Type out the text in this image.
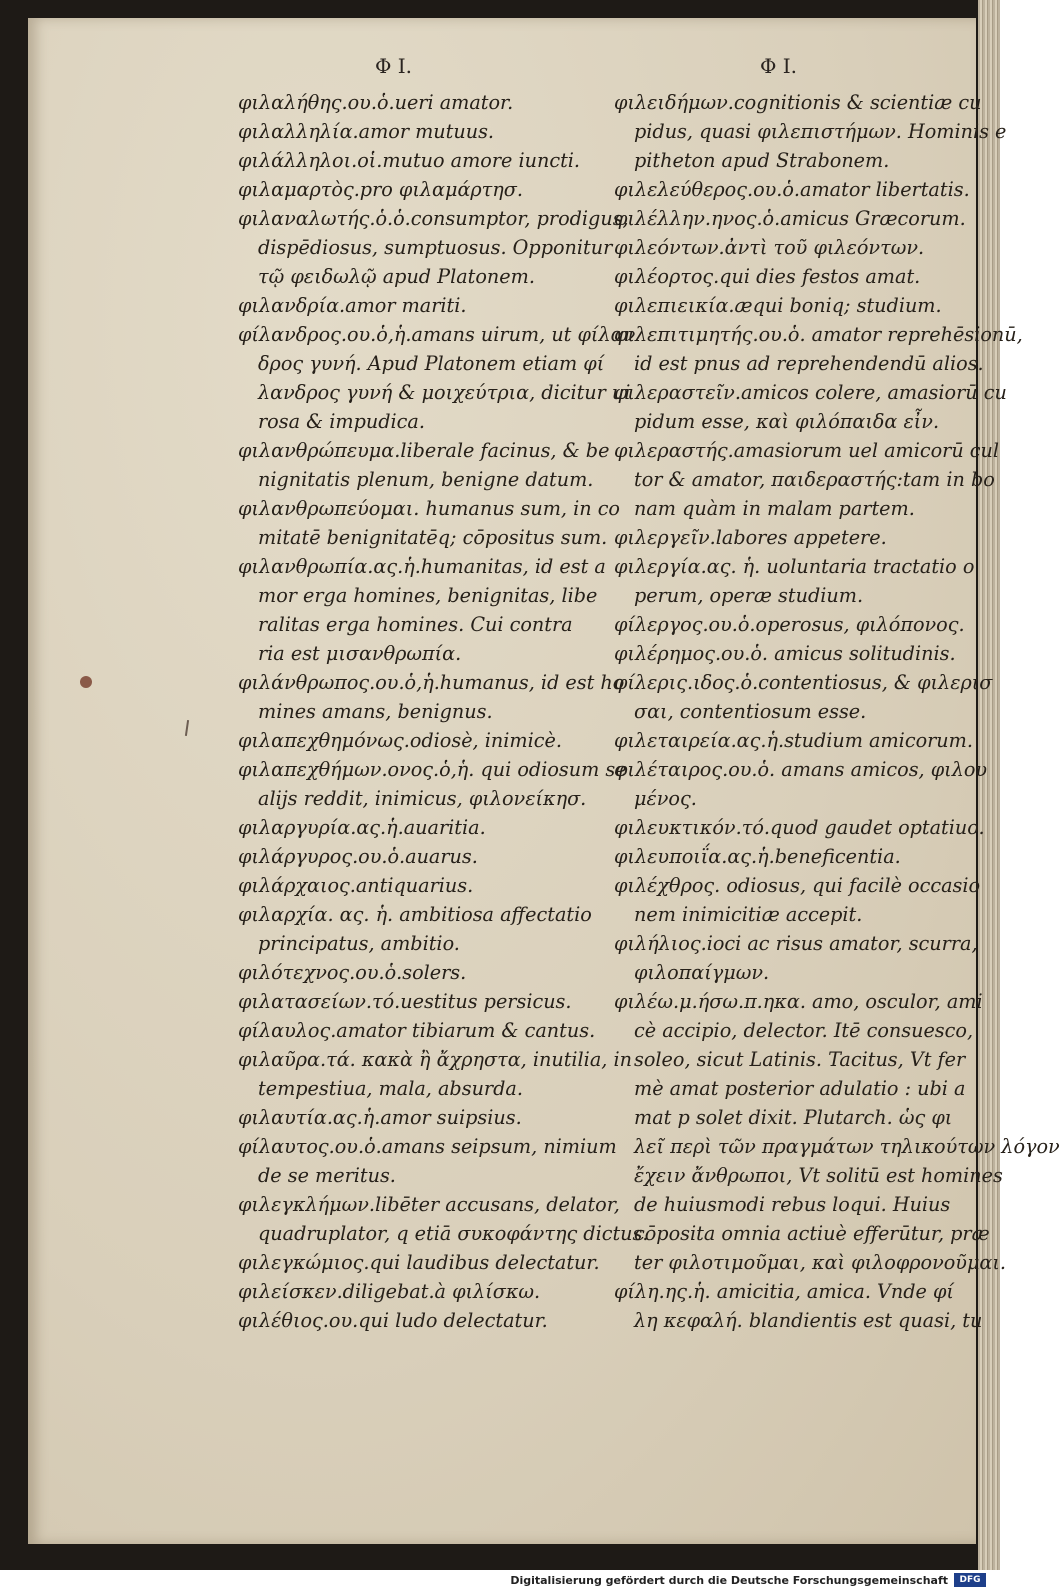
Φ I.	Φ I.
φιλαλήθης.ου.ὁ.ueri amator.
φιλαλληλία.amor mutuus.
φιλάλληλοι.οἱ.mutuo amore iuncti.
φιλαμαρτὸς.pro φιλαμάρτησ.
φιλαναλωτής.ὁ.ὁ.consumptor, prodigus,
dispēdiosus, sumptuosus. Opponitur
τῷ φειδωλῷ apud Platonem.
φιλανδρία.amor mariti.
φίλανδρος.ου.ὁ,ἡ.amans uirum, ut φίλαν
δρος γυνή. Apud Platonem etiam φί
λανδρος γυνή & μοιχεύτρια, dicitur ui
rosa & impudica.
φιλανθρώπευμα.liberale facinus, & be
nignitatis plenum, benigne datum.
φιλανθρωπεύομαι. humanus sum, in co
mitatē benignitatēq; cōpositus sum.
φιλανθρωπία.ας.ἡ.humanitas, id est a
mor erga homines, benignitas, libe
ralitas erga homines. Cui contra
ria est μισανθρωπία.
φιλάνθρωπος.ου.ὁ,ἡ.humanus, id est ho
mines amans, benignus.
φιλαπεχθημόνως.odiosè, inimicè.
φιλαπεχθήμων.ονος.ὁ,ἡ. qui odiosum se
alijs reddit, inimicus, φιλονείκησ.
φιλαργυρία.ας.ἡ.auaritia.
φιλάργυρος.ου.ὁ.auarus.
φιλάρχαιος.antiquarius.
φιλαρχία. ας. ἡ. ambitiosa affectatio
principatus, ambitio.
φιλότεχνος.ου.ὁ.solers.
φιλατασείων.τό.uestitus persicus.
φίλαυλος.amator tibiarum & cantus.
φιλαῦρα.τά. κακὰ ἢ ἄχρηστα, inutilia, in
tempestiua, mala, absurda.
φιλαυτία.ας.ἡ.amor suipsius.
φίλαυτος.ου.ὁ.amans seipsum, nimium
de se meritus.
φιλεγκλήμων.libēter accusans, delator,
quadruplator, q etiā συκοφάντης dictus.
φιλεγκώμιος.qui laudibus delectatur.
φιλείσκεν.diligebat.à φιλίσκω.
φιλέθιος.ου.qui ludo delectatur.
φιλειδήμων.cognitionis & scientiæ cu
pidus, quasi φιλεπιστήμων. Hominis e
pitheton apud Strabonem.
φιλελεύθερος.ου.ὁ.amator libertatis.
φιλέλλην.ηνος.ὁ.amicus Græcorum.
φιλεόντων.ἀντὶ τοῦ φιλεόντων.
φιλέορτος.qui dies festos amat.
φιλεπιεικία.æqui boniq; studium.
φιλεπιτιμητής.ου.ὁ. amator reprehēsionū,
id est pnus ad reprehendendū alios.
φιλεραστεῖν.amicos colere, amasiorū cu
pidum esse, καὶ φιλόπαιδα εἶν.
φιλεραστής.amasiorum uel amicorū cul
tor & amator, παιδεραστής:tam in bo
nam quàm in malam partem.
φιλεργεῖν.labores appetere.
φιλεργία.ας. ἡ. uoluntaria tractatio o
perum, operæ studium.
φίλεργος.ου.ὁ.operosus, φιλόπονος.
φιλέρημος.ου.ὁ. amicus solitudinis.
φίλερις.ιδος.ὁ.contentiosus, & φιλερισ
σαι, contentiosum esse.
φιλεταιρεία.ας.ἡ.studium amicorum.
φιλέταιρος.ου.ὁ. amans amicos, φιλου
μένος.
φιλευκτικόν.τό.quod gaudet optatiuo.
φιλευποιΐα.ας.ἡ.beneficentia.
φιλέχθρος. odiosus, qui facilè occasio
nem inimicitiæ accepit.
φιλήλιος.ioci ac risus amator, scurra,
φιλοπαίγμων.
φιλέω.μ.ήσω.π.ηκα. amo, osculor, ami
cè accipio, delector. Itē consuesco,
soleo, sicut Latinis. Tacitus, Vt fer
mè amat posterior adulatio : ubi a
mat p solet dixit. Plutarch. ὡς φι
λεῖ περὶ τῶν πραγμάτων τηλικούτων λόγον
ἔχειν ἄνθρωποι, Vt solitū est homines
de huiusmodi rebus loqui. Huius
cōposita omnia actiuè efferūtur, præ
ter φιλοτιμοῦμαι, καὶ φιλοφρονοῦμαι.
φίλη.ης.ἡ. amicitia, amica. Vnde φί
λη κεφαλή. blandientis est quasi, tu
Digitalisierung gefördert durch die Deutsche Forschungsgemeinschaft	DFG
